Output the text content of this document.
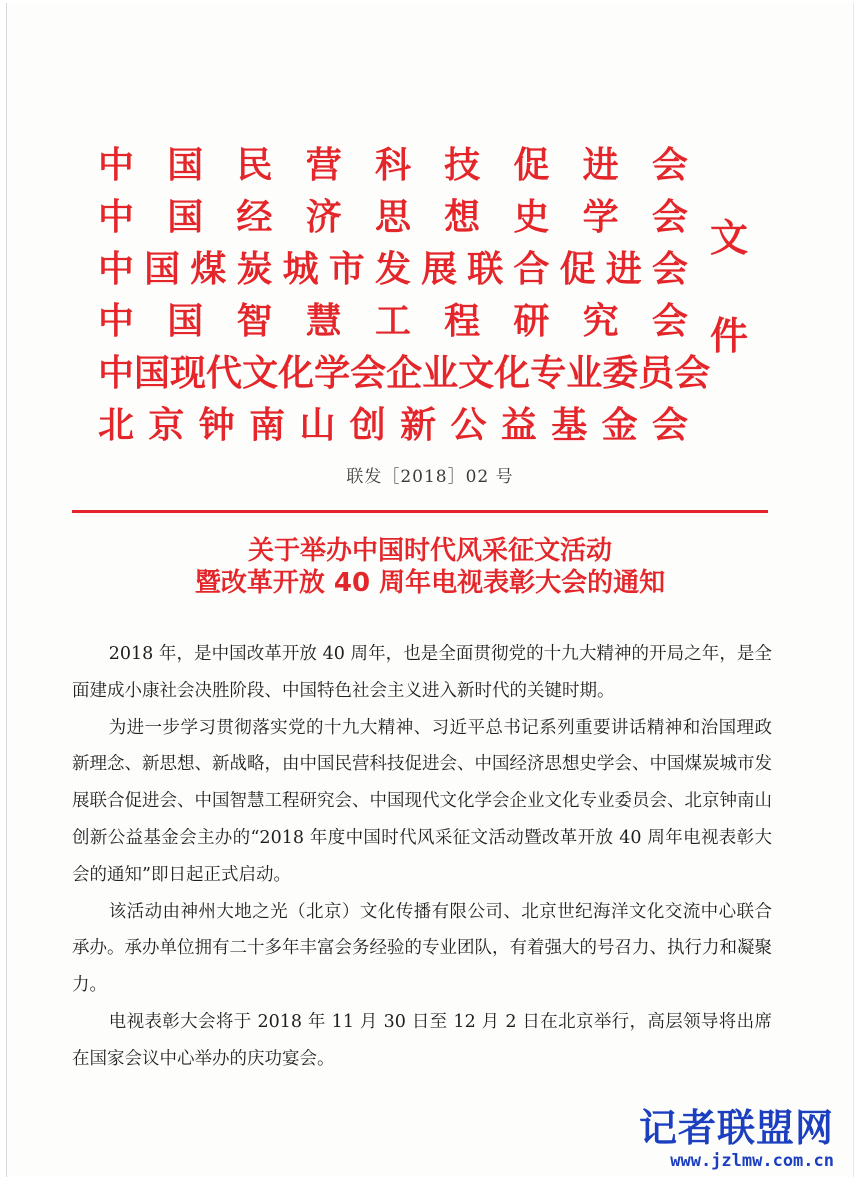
中 国 民 营 科 技 促 进 会
中 国 经 济 思 想 史 学 会
中 国 煤 炭 城 市 发 展 联 合 促 进 会
中 国 智 慧 工 程 研 究 会
中 国 现 代 文 化 学 会 企 业 文 化 专 业 委 员 会
北 京 钟 南 山 创 新 公 益 基 金 会
文
件
联发［2018］02 号
关于举办中国时代风采征文活动
暨改革开放 40 周年电视表彰大会的通知

2018 年，是中国改革开放 40 周年，也是全面贯彻党的十九大精神的开局之年，是全面建成小康社会决胜阶段、中国特色社会主义进入新时代的关键时期。

为进一步学习贯彻落实党的十九大精神、习近平总书记系列重要讲话精神和治国理政新理念、新思想、新战略，由中国民营科技促进会、中国经济思想史学会、中国煤炭城市发展联合促进会、中国智慧工程研究会、中国现代文化学会企业文化专业委员会、北京钟南山创新公益基金会主办的“2018 年度中国时代风采征文活动暨改革开放 40 周年电视表彰大会的通知”即日起正式启动。

该活动由神州大地之光（北京）文化传播有限公司、北京世纪海洋文化交流中心联合承办。承办单位拥有二十多年丰富会务经验的专业团队，有着强大的号召力、执行力和凝聚力。

电视表彰大会将于 2018 年 11 月 30 日至 12 月 2 日在北京举行，高层领导将出席在国家会议中心举办的庆功宴会。

记者联盟网
www.jzlmw.com.cn
